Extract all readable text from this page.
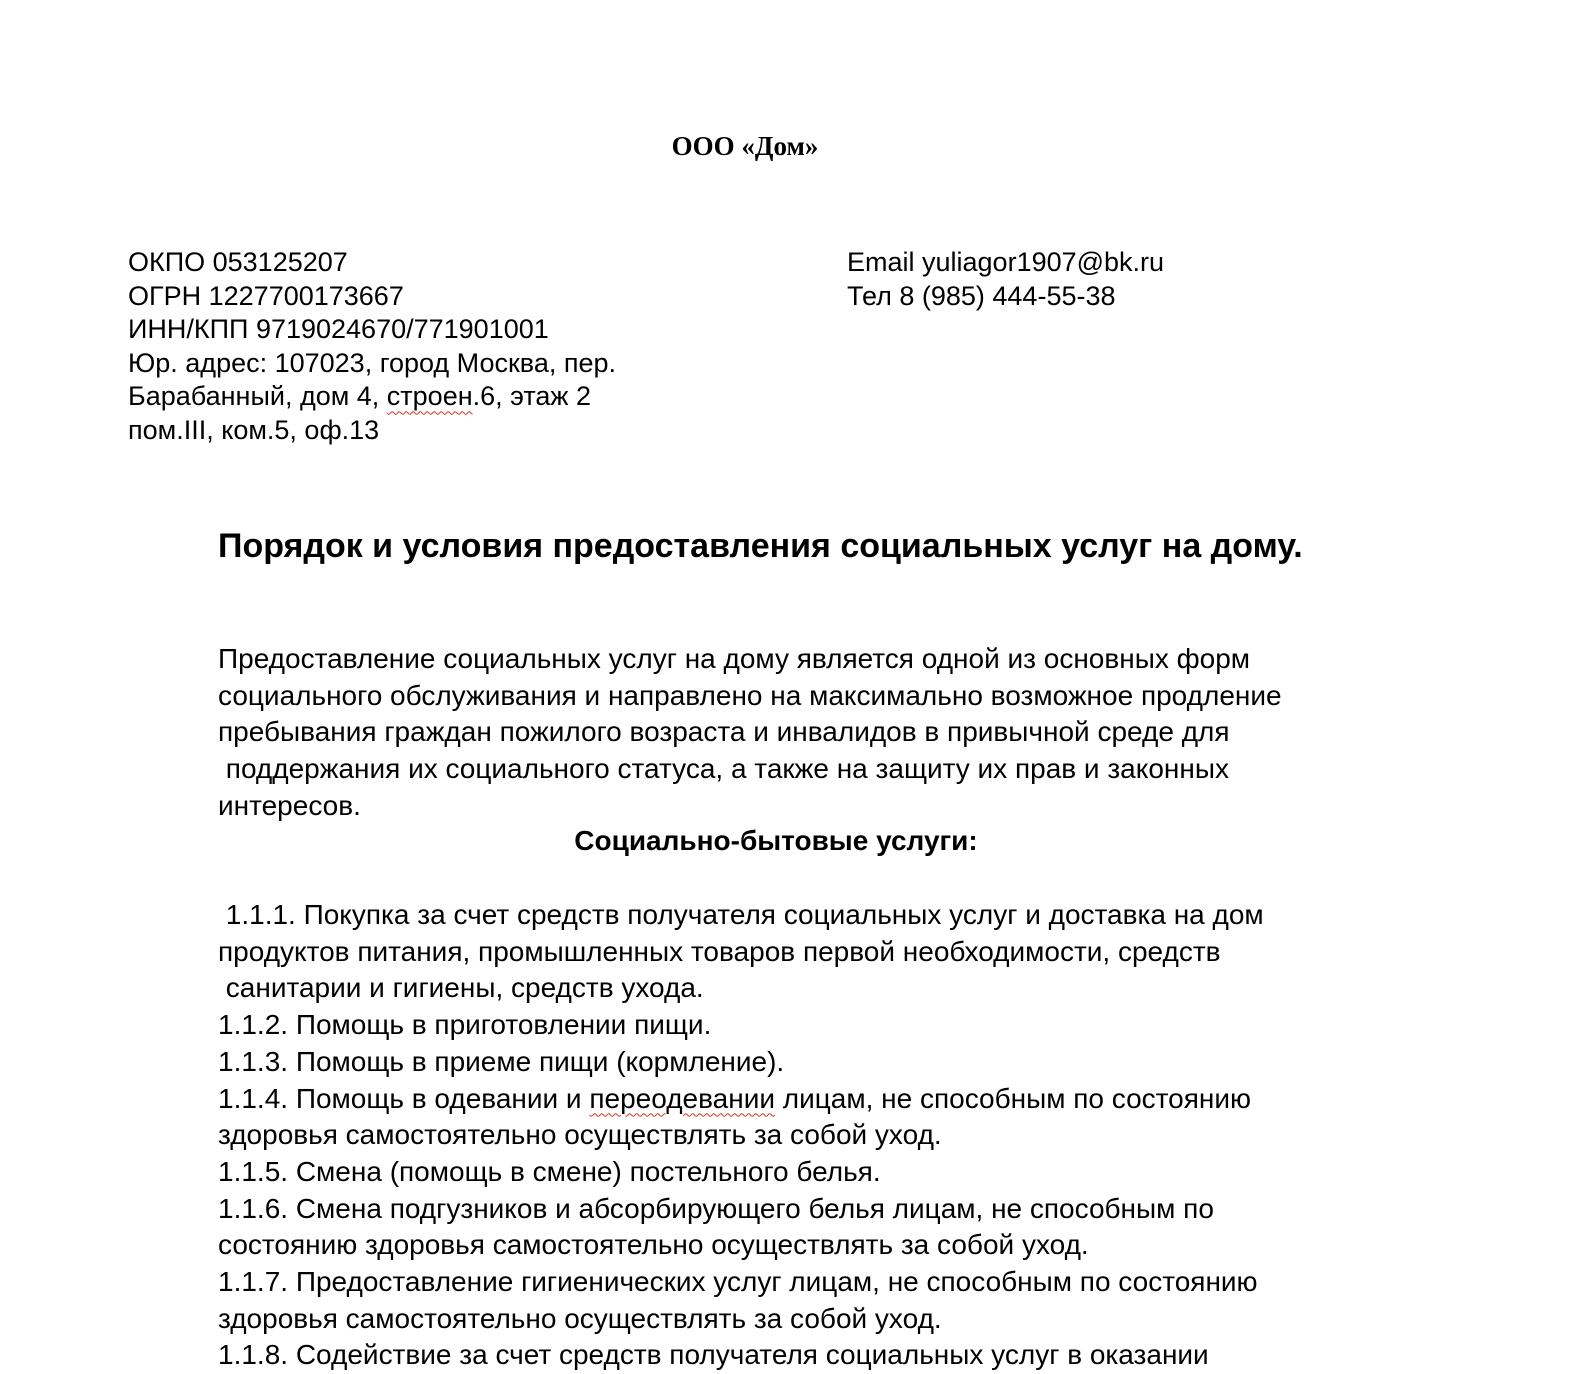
ООО «Дом»
ОКПО 053125207
ОГРН 1227700173667
ИНН/КПП 9719024670/771901001
Юр. адрес: 107023, город Москва, пер.
Барабанный, дом 4, строен.6, этаж 2
пом.III, ком.5, оф.13
Email yuliagor1907@bk.ru
Тел 8 (985) 444-55-38
Порядок и условия предоставления социальных услуг на дому.
Предоставление социальных услуг на дому является одной из основных форм
социального обслуживания и направлено на максимально возможное продление
пребывания граждан пожилого возраста и инвалидов в привычной среде для
поддержания их социального статуса, а также на защиту их прав и законных
интересов.
Социально-бытовые услуги:
1.1.1. Покупка за счет средств получателя социальных услуг и доставка на дом
продуктов питания, промышленных товаров первой необходимости, средств
санитарии и гигиены, средств ухода.
1.1.2. Помощь в приготовлении пищи.
1.1.3. Помощь в приеме пищи (кормление).
1.1.4. Помощь в одевании и переодевании лицам, не способным по состоянию
здоровья самостоятельно осуществлять за собой уход.
1.1.5. Смена (помощь в смене) постельного белья.
1.1.6. Смена подгузников и абсорбирующего белья лицам, не способным по
состоянию здоровья самостоятельно осуществлять за собой уход.
1.1.7. Предоставление гигиенических услуг лицам, не способным по состоянию
здоровья самостоятельно осуществлять за собой уход.
1.1.8. Содействие за счет средств получателя социальных услуг в оказании
